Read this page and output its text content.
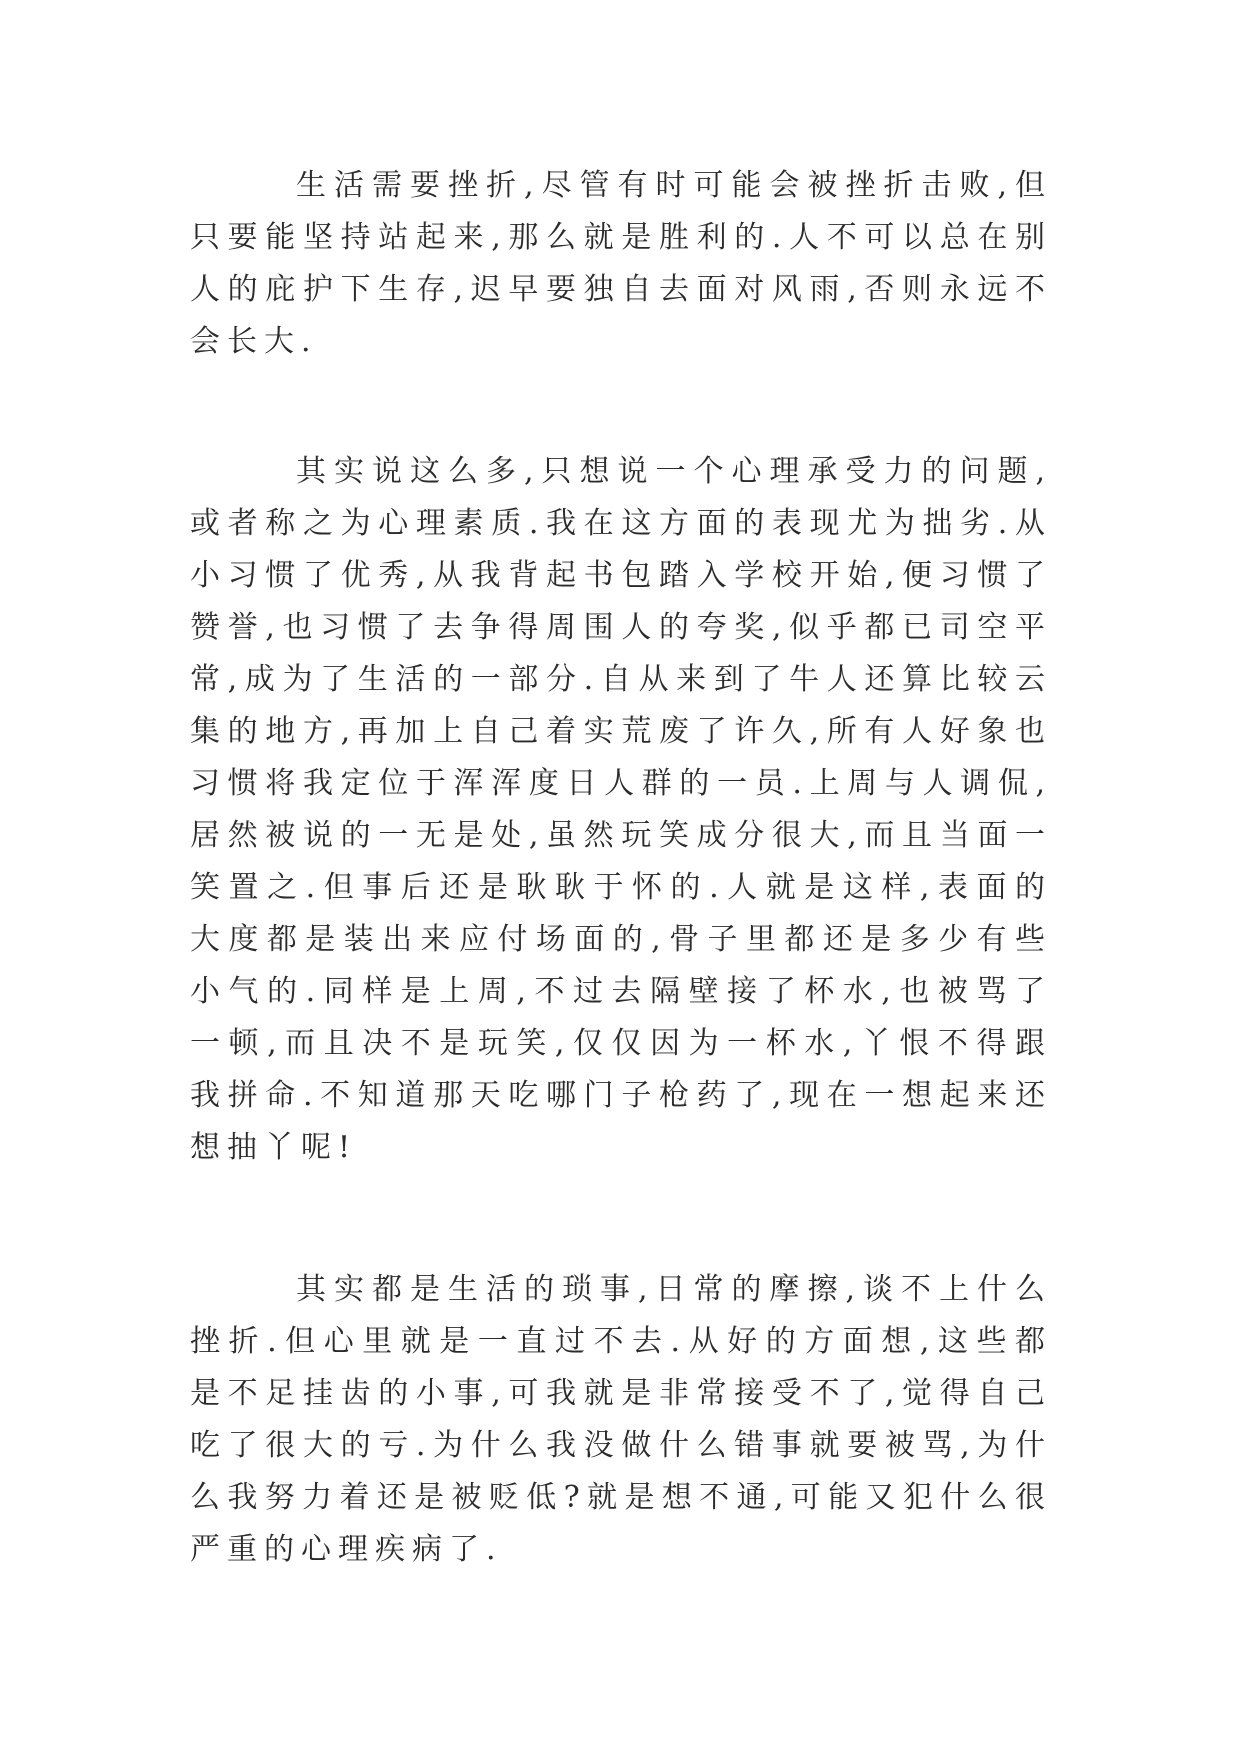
生活需要挫折,尽管有时可能会被挫折击败,但只要能坚持站起来,那么就是胜利的.人不可以总在别人的庇护下生存,迟早要独自去面对风雨,否则永远不会长大.

其实说这么多,只想说一个心理承受力的问题,或者称之为心理素质.我在这方面的表现尤为拙劣.从小习惯了优秀,从我背起书包踏入学校开始,便习惯了赞誉,也习惯了去争得周围人的夸奖,似乎都已司空平常,成为了生活的一部分.自从来到了牛人还算比较云集的地方,再加上自己着实荒废了许久,所有人好象也习惯将我定位于浑浑度日人群的一员.上周与人调侃,居然被说的一无是处,虽然玩笑成分很大,而且当面一笑置之.但事后还是耿耿于怀的.人就是这样,表面的大度都是装出来应付场面的,骨子里都还是多少有些小气的.同样是上周,不过去隔壁接了杯水,也被骂了一顿,而且决不是玩笑,仅仅因为一杯水,丫恨不得跟我拼命.不知道那天吃哪门子枪药了,现在一想起来还想抽丫呢!

其实都是生活的琐事,日常的摩擦,谈不上什么挫折.但心里就是一直过不去.从好的方面想,这些都是不足挂齿的小事,可我就是非常接受不了,觉得自己吃了很大的亏.为什么我没做什么错事就要被骂,为什么我努力着还是被贬低?就是想不通,可能又犯什么很严重的心理疾病了.
